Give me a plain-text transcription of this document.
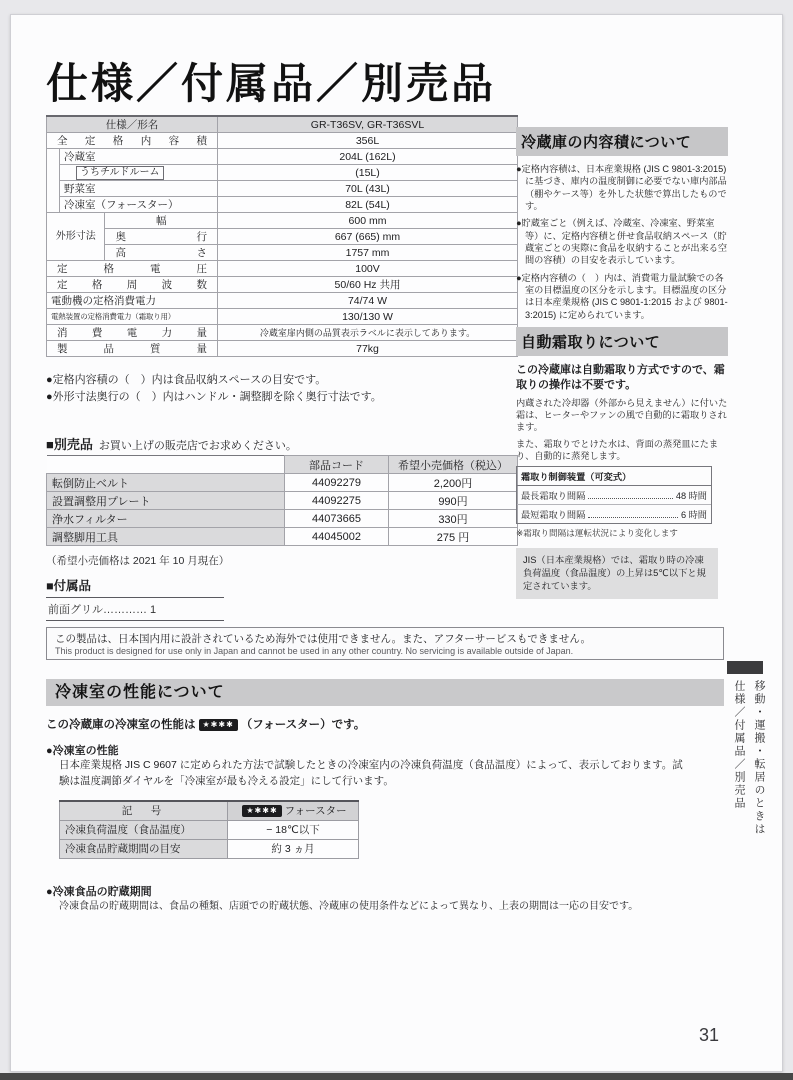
仕様／付属品／別売品
仕様／形名			GR-T36SV, GR-T36SVL
全定格内容積			356L
	冷蔵室		204L (162L)
	うちチルドルーム		(15L)
	野菜室		70L (43L)
	冷凍室（フォースター）		82L (54L)
外形寸法		幅	600 mm
		奥行	667 (665) mm
		高さ	1757 mm
定格電圧			100V
定格周波数			50/60 Hz 共用
電動機の定格消費電力			74/74 W
電熱装置の定格消費電力（霜取り用）			130/130 W
消費電力量			冷蔵室扉内側の品質表示ラベルに表示してあります。
製品質量			77kg
●定格内容積の（　）内は食品収納スペースの目安です。
●外形寸法奥行の（　）内はハンドル・調整脚を除く奥行寸法です。
■別売品 お買い上げの販売店でお求めください。
	部品コード	希望小売価格（税込）
転倒防止ベルト	44092279	2,200円
設置調整用プレート	44092275	990円
浄水フィルター	44073665	330円
調整脚用工具	44045002	275 円
（希望小売価格は 2021 年 10 月現在）
■付属品
前面グリル………… 1
この製品は、日本国内用に設計されているため海外では使用できません。また、アフターサービスもできません。
This product is designed for use only in Japan and cannot be used in any other country. No servicing is available outside of Japan.
冷凍室の性能について
この冷蔵庫の冷凍室の性能は ★✱✱✱ （フォースター）です。
●冷凍室の性能
日本産業規格 JIS C 9607 に定められた方法で試験したときの冷凍室内の冷凍負荷温度（食品温度）によって、表示しております。試験は温度調節ダイヤルを「冷凍室が最も冷える設定」にして行います。
記　号	★✱✱✱ フォースター
冷凍負荷温度（食品温度）	− 18℃以下
冷凍食品貯蔵期間の目安	約 3 ヵ月
●冷凍食品の貯蔵期間
冷凍食品の貯蔵期間は、食品の種類、店頭での貯蔵状態、冷蔵庫の使用条件などによって異なり、上表の期間は一応の目安です。
冷蔵庫の内容積について
●定格内容積は、日本産業規格 (JIS C 9801-3:2015) に基づき、庫内の温度制御に必要でない庫内部品（棚やケース等）を外した状態で算出したものです。
●貯蔵室ごと（例えば、冷蔵室、冷凍室、野菜室等）に、定格内容積と併せ食品収納スペース（貯蔵室ごとの実際に食品を収納することが出来る空間の容積）の目安を表示しています。
●定格内容積の（　）内は、消費電力量試験での各室の目標温度の区分を示します。目標温度の区分は日本産業規格 (JIS C 9801-1:2015 および 9801-3:2015) に定められています。
自動霜取りについて
この冷蔵庫は自動霜取り方式ですので、霜取りの操作は不要です。
内蔵された冷却器（外部から見えません）に付いた霜は、ヒーターやファンの風で自動的に霜取りされます。
また、霜取りでとけた水は、背面の蒸発皿にたまり、自動的に蒸発します。
霜取り制御装置（可変式）
最長霜取り間隔	48 時間
最短霜取り間隔	6 時間
※霜取り間隔は運転状況により変化します
JIS（日本産業規格）では、霜取り時の冷凍負荷温度（食品温度）の上昇は5℃以下と規定されています。
移動・運搬・転居のときは
仕様／付属品／別売品
31
